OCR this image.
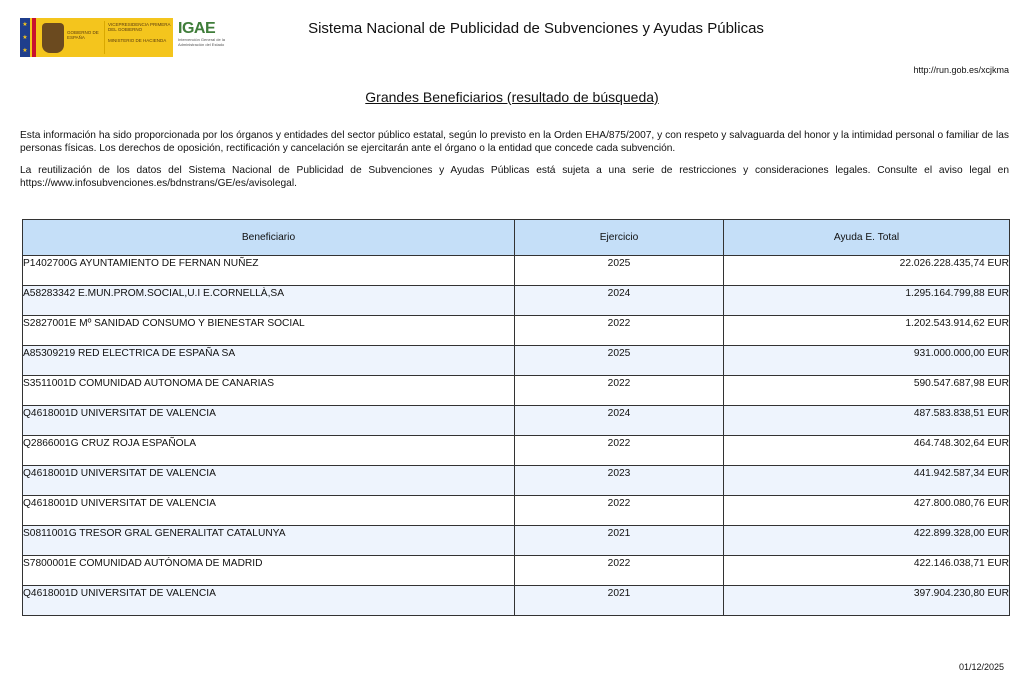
★
★
★
GOBIERNO DE ESPAÑA
VICEPRESIDENCIA PRIMERA DEL GOBIERNO
MINISTERIO DE HACIENDA
IGAE
Intervención General de la Administración del Estado
Sistema Nacional de Publicidad de Subvenciones y Ayudas Públicas
http://run.gob.es/xcjkma
Grandes Beneficiarios (resultado de búsqueda)
Esta información ha sido proporcionada por los órganos y entidades del sector público estatal, según lo previsto en la Orden EHA/875/2007, y con respeto y salvaguarda del honor y la intimidad personal o familiar de las personas físicas. Los derechos de oposición, rectificación y cancelación se ejercitarán ante el órgano o la entidad que concede cada subvención.
La reutilización de los datos del Sistema Nacional de Publicidad de Subvenciones y Ayudas Públicas está sujeta a una serie de restricciones y consideraciones legales. Consulte el aviso legal en https://www.infosubvenciones.es/bdnstrans/GE/es/avisolegal.
Beneficiario	Ejercicio	Ayuda E. Total
P1402700G AYUNTAMIENTO DE FERNAN NUÑEZ	2025	22.026.228.435,74 EUR
A58283342 E.MUN.PROM.SOCIAL,U.I E.CORNELLÀ,SA	2024	1.295.164.799,88 EUR
S2827001E Mº SANIDAD CONSUMO Y BIENESTAR SOCIAL	2022	1.202.543.914,62 EUR
A85309219 RED ELECTRICA DE ESPAÑA SA	2025	931.000.000,00 EUR
S3511001D COMUNIDAD AUTONOMA DE CANARIAS	2022	590.547.687,98 EUR
Q4618001D UNIVERSITAT DE VALENCIA	2024	487.583.838,51 EUR
Q2866001G CRUZ ROJA ESPAÑOLA	2022	464.748.302,64 EUR
Q4618001D UNIVERSITAT DE VALENCIA	2023	441.942.587,34 EUR
Q4618001D UNIVERSITAT DE VALENCIA	2022	427.800.080,76 EUR
S0811001G TRESOR GRAL GENERALITAT CATALUNYA	2021	422.899.328,00 EUR
S7800001E COMUNIDAD AUTÓNOMA DE MADRID	2022	422.146.038,71 EUR
Q4618001D UNIVERSITAT DE VALENCIA	2021	397.904.230,80 EUR
01/12/2025
